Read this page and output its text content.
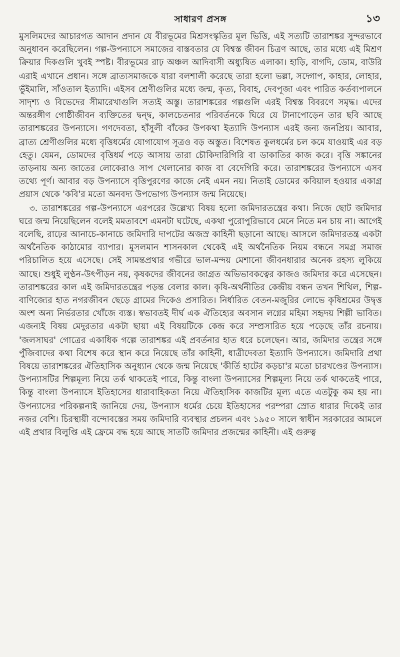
সাধারণ প্রসঙ্গ	১৩

মুসলিমদের আচারগত আদান প্রদান যে বীরভূমের মিশ্রসংস্কৃতির মূল ভিত্তি, এই সত্যটি তারাশঙ্কর সুন্দরভাবে অনুধাবন করেছিলেন। গল্প-উপন্যাসে সমাজের বাস্তবতার যে বিশ্বস্ত জীবন চিত্রণ আছে, তার মধ্যে এই মিশ্রণ ক্রিয়ার দিকগুলি খুবই স্পষ্ট। বীরভূমের রাঢ় অঞ্চল আদিবাসী অধ্যুষিত এলাকা। হাড়ি, বাগদি, ডোম, বাউরি এরাই এখানে প্রধান। সঙ্গে ব্রাত্যসমাজকে যারা বলশালী করেছে তারা হলো ভল্লা, সদ্গোপ, কাহার, লোহার, ভুঁইমালি, সাঁওতাল ইত্যাদি। এইসব শ্রেণীগুলির মধ্যে জন্ম, কৃত্য, বিবাহ, দেবপূজা এবং পারিত কর্তব্যপালনে সাদৃশ্য ও বিভেদের সীমারেখাগুলি সত্যই অস্তু। তারাশঙ্করের গল্পগুলি এরই বিশ্বস্ত বিবরণে সমৃদ্ধ। এদের অন্তরঙ্গীণ গোষ্ঠীজীবন ব্যক্তিতের দ্বন্দ্ব, কালচেতনার পরিবর্তনকে ঘিরে যে টানাপোড়েন তার ছবি আছে তারাশঙ্করের উপন্যাসে। গণদেবতা, হাঁসুলী বাঁকের উপকথা ইত্যাদি উপন্যাস এরই জন্য জনপ্রিয়। আবার, ব্রাত্য শ্রেণীগুলির মধ্যে বৃত্তিধর্মের যোগাযোগ সূত্রও বড় অস্তুত। বিশেষত কুলধর্মের চল কমে যাওয়াই এর বড় হেতু। যেমন, ডোমদের বৃত্তিধর্ম পড়ে আসায় তারা চৌকিদারিগিরি বা ডাকাতির কাজ করে। বৃত্তি সঙ্কানের তাড়নায় অন্য জাতের লোকেরাও সাপ খেলানোর কাজ বা বেদেগিরি করে। তারাশঙ্করের উপন্যাসে এসব তথ্যে পূর্ণ। আবার বড় উপন্যাসে বৃত্তিপুরণের কাজে নেই এমন নয়। নিতাই ডোমের কবিয়াল হওয়ার একাগ্র প্রয়াস থেকে 'কবি'র মতো অনবদ্য উপভোগ্য উপন্যাস জন্ম নিয়েছে।

৩. তারাশঙ্করের গল্প-উপন্যাসে এরপরের উল্লেখ্য বিষয় হলো জমিদারতন্ত্রের কথা। নিজে ছোট জমিদার ঘরে জন্ম নিয়েছিলেন বলেই মমতাবশে এমনটা ঘটেছে, একথা পুরোপুরিভাবে মেনে নিতে মন চায় না। আগেই বলেছি, রাঢ়ের আনাচে-কানাচে জমিদারি দাপটের অজস্র কাহিনী ছড়ানো আছে। আসলে জমিদারতন্ত্র একটা অর্থনৈতিক কাঠামোর ব্যাপার। মুসলমান শাসনকাল থেকেই এই অর্থনৈতিক নিয়ম বন্ধনে সমগ্র সমাজ পরিচালিত হয়ে এসেছে। সেই সামন্তপ্রথার গভীরে ভাল-মন্দয় মেশানো জীবনধারার অনেক রহস্য লুকিয়ে আছে। শুধুই লুণ্ঠন-উৎপীড়ন নয়, কৃষকদের জীবনের জাগ্রত অভিভাবকত্বের কাজও জমিদার করে এসেছেন। তারাশঙ্করের কাল এই জমিদারতন্ত্রের পড়ন্ত বেলার কাল। কৃষি-অর্থনীতির কেন্দ্রীয় বন্ধন তখন শিথিল, শিল্প-বাণিজ্যের হাত নগরজীবন ছেড়ে গ্রামের দিকেও প্রসারিত। নির্ধারিত বেতন-মজুরির লোভে কৃষিশ্রমের উদ্বৃত্ত অংশ অন্য নির্ভরতার খোঁজে ব্যস্ত। স্বভাবতই দীর্ঘ এক ঐতিহ্যের অবসান লগ্নের মহিমা সহৃদয় শিল্পী ভাবিত। এজন্যই বিষয় মেদুরতার একটা ছায়া এই বিষয়টিকে কেন্দ্র করে সম্প্রসারিত হয়ে পড়েছে তাঁর রচনায়। 'জলসাঘর' গোত্রের একাধিক গল্পে তারাশঙ্কর এই প্রবর্তনার হাত ধরে চলেছেন। আর, জমিদার তন্ত্রের সঙ্গে পুঁজিবাদের কথা বিশেষ করে স্থান করে নিয়েছে তাঁর কাহিনী, ধাত্রীদেবতা ইত্যাদি উপন্যাসে। জমিদারি প্রথা বিষয়ে তারাশঙ্করের ঐতিহাসিক অনুধ্যান থেকে জন্ম নিয়েছে 'কীর্তি হাটের কড়চা'র মতো চারখণ্ডের উপন্যাস। উপন্যাসটির শিল্পমূল্য নিয়ে তর্ক থাকতেই পারে, কিন্তু বাংলা উপন্যাসের শিল্পমূল্য নিয়ে তর্ক থাকতেই পারে, কিন্তু বাংলা উপন্যাসে ইতিহাসের ধারাবাহিকতা নিয়ে ঐতিহাসিক কাজটির মূল্য এতে এতটুকু কম হয় না। উপন্যাসের পরিকল্পনাই জানিয়ে দেয়, উপন্যাস ধর্মের চেয়ে ইতিহাসের পরম্পরা স্রোত ধারার দিকেই তার নজর বেশি। চিরস্থায়ী বন্দোবস্তের সময় জমিদারি ব্যবস্থার প্রচলন এবং ১৯৫০ সালে স্বাধীন সরকারের আমলে এই প্রথার বিলুপ্তি এই ফ্রেমে বদ্ধ হয়ে আছে সাতটি জমিদার প্রজন্মের কাহিনী। এই গুরুত্ব
